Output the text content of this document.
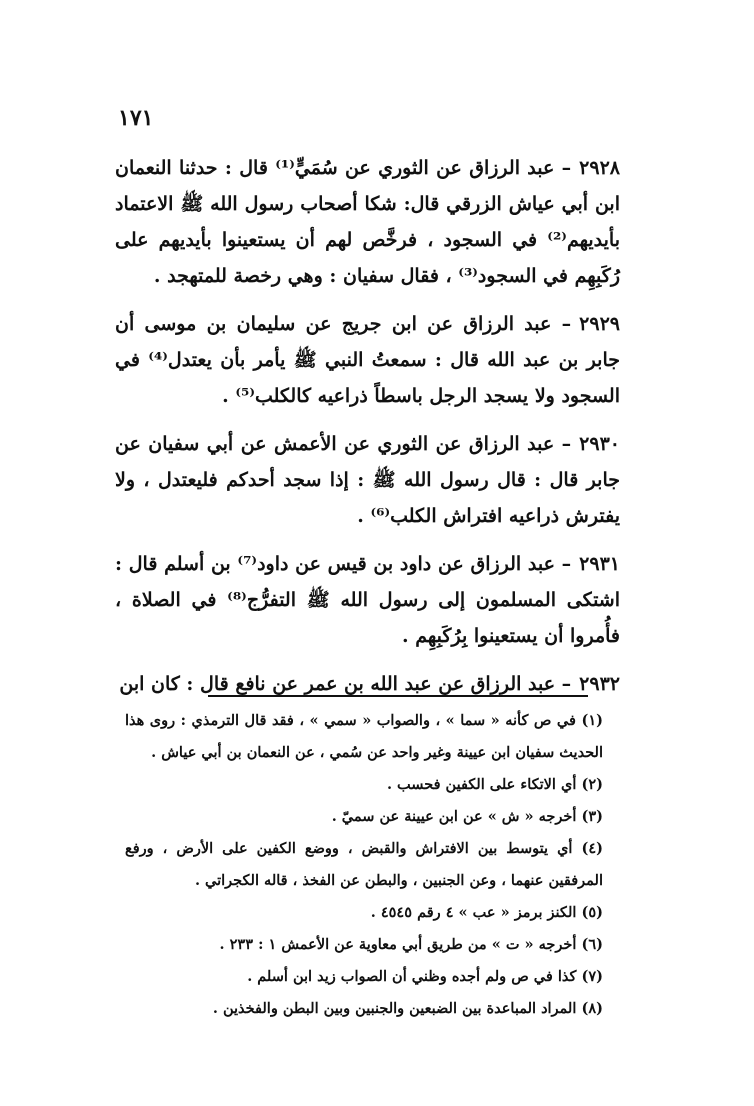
١٧١

٢٩٢٨– عبد الرزاق عن الثوري عن سُمَيٍّ⁽¹⁾ قال : حدثنا النعمان ابن أبي عياش الزرقي قال: شكا أصحاب رسول الله ﷺ الاعتماد بأيديهم⁽²⁾ في السجود ، فرخَّص لهم أن يستعينوا بأيديهم على رُكَبِهِم في السجود⁽³⁾ ، فقال سفيان : وهي رخصة للمتهجد .

٢٩٢٩– عبد الرزاق عن ابن جريج عن سليمان بن موسى أن جابر بن عبد الله قال : سمعتُ النبي ﷺ يأمر بأن يعتدل⁽⁴⁾ في السجود ولا يسجد الرجل باسطاً ذراعيه كالكلب⁽⁵⁾ .

٢٩٣٠– عبد الرزاق عن الثوري عن الأعمش عن أبي سفيان عن جابر قال : قال رسول الله ﷺ : إذا سجد أحدكم فليعتدل ، ولا يفترش ذراعيه افتراش الكلب⁽⁶⁾ .

٢٩٣١– عبد الرزاق عن داود بن قيس عن داود⁽⁷⁾ بن أسلم قال : اشتكى المسلمون إلى رسول الله ﷺ التفرُّج⁽⁸⁾ في الصلاة ، فأُمروا أن يستعينوا بِرُكَبِهِم .

٢٩٣٢– عبد الرزاق عن عبد الله بن عمر عن نافع قال : كان ابن

(١) في ص كأنه « سما » ، والصواب « سمي » ، فقد قال الترمذي : روى هذا الحديث سفيان ابن عيينة وغير واحد عن سُمي ، عن النعمان بن أبي عياش .

(٢) أي الاتكاء على الكفين فحسب .

(٣) أخرجه « ش » عن ابن عيينة عن سميّ .

(٤) أي يتوسط بين الافتراش والقبض ، ووضع الكفين على الأرض ، ورفع المرفقين عنهما ، وعن الجنبين ، والبطن عن الفخذ ، قاله الكجراتي .

(٥) الكنز برمز « عب » ٤ رقم ٤٥٤٥ .

(٦) أخرجه « ت » من طريق أبي معاوية عن الأعمش ١ : ٢٣٣ .

(٧) كذا في ص ولم أجده وظني أن الصواب زيد ابن أسلم .

(٨) المراد المباعدة بين الضبعين والجنبين وبين البطن والفخذين .
